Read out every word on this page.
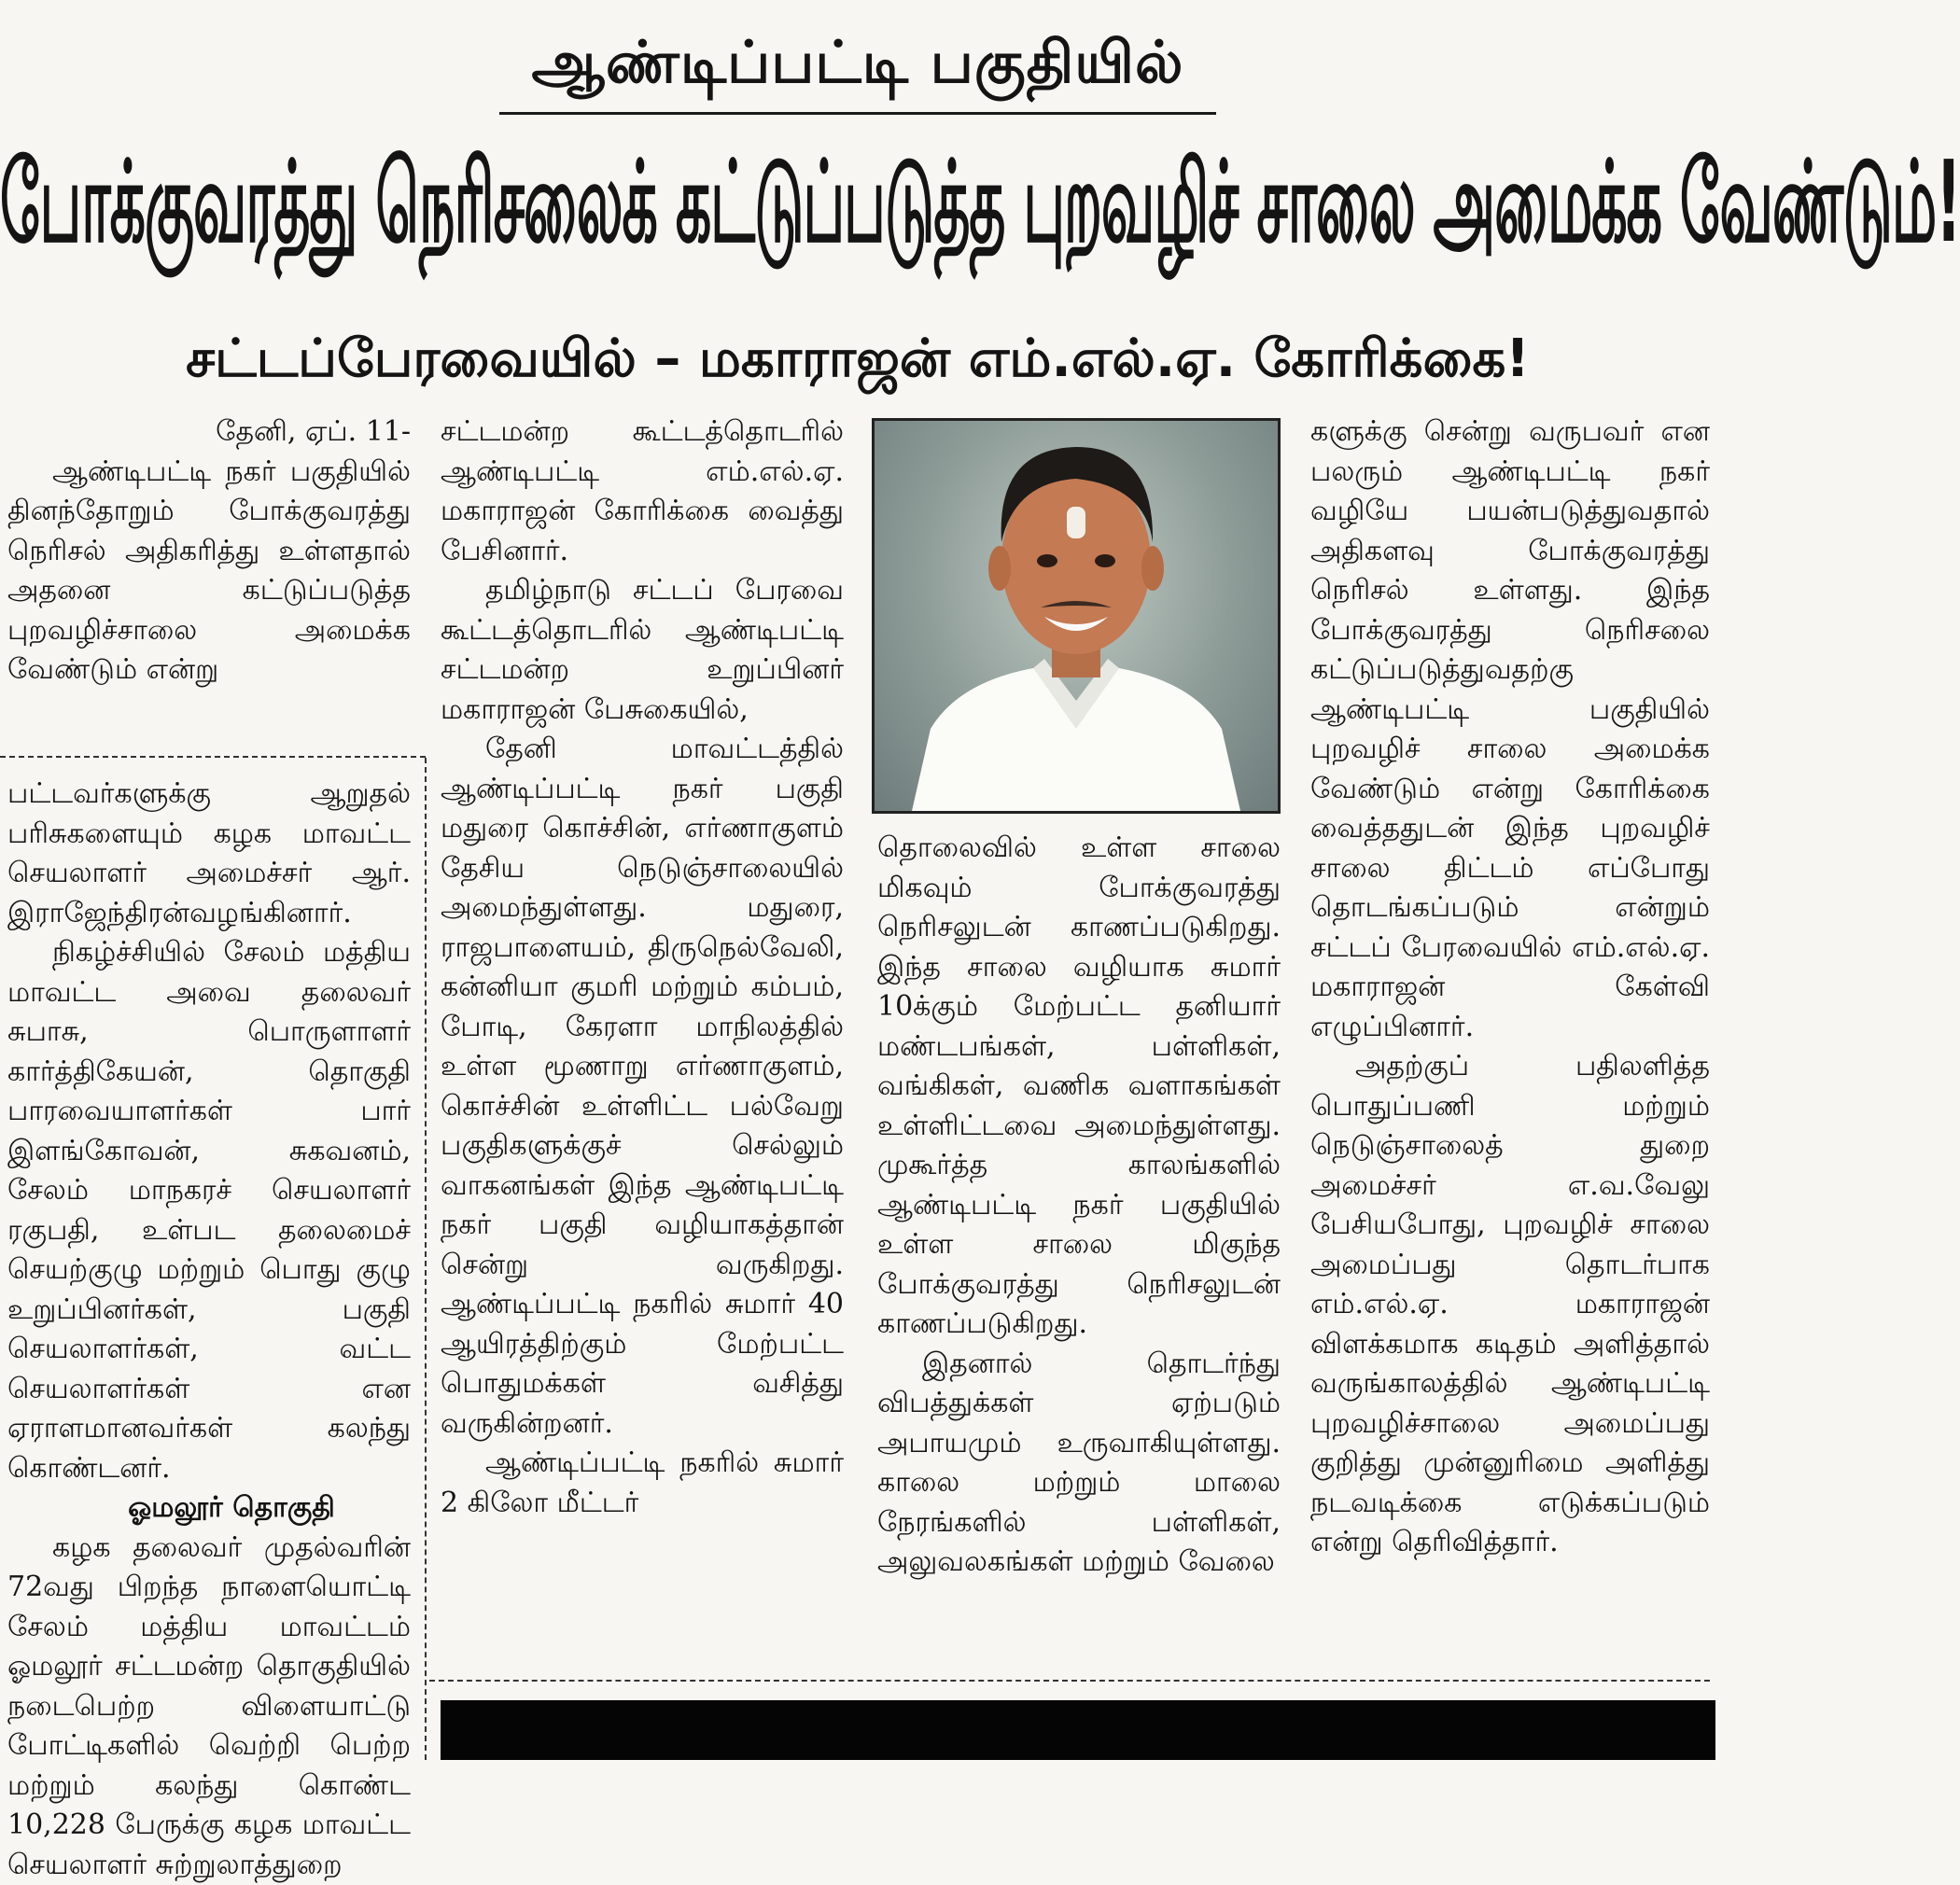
ஆண்டிப்பட்டி பகுதியில்
போக்குவரத்து நெரிசலைக் கட்டுப்படுத்த புறவழிச் சாலை அமைக்க வேண்டும்!
சட்டப்பேரவையில் – மகாராஜன் எம்.எல்.ஏ. கோரிக்கை!

தேனி, ஏப். 11-

ஆண்டிபட்டி நகர் பகுதியில் தினந்தோறும் போக்குவரத்து நெரிசல் அதிகரித்து உள்ளதால் அதனை கட்டுப்படுத்த புறவழிச்சாலை அமைக்க வேண்டும் என்று

பட்டவர்களுக்கு ஆறுதல் பரிசுகளையும் கழக மாவட்ட செயலாளர் அமைச்சர் ஆர். இராஜேந்திரன்வழங்கினார்.

நிகழ்ச்சியில் சேலம் மத்திய மாவட்ட அவை தலைவர் சுபாசு, பொருளாளர் கார்த்திகேயன், தொகுதி பாரவையாளர்கள் பார் இளங்கோவன், சுகவனம், சேலம் மாநகரச் செயலாளர் ரகுபதி, உள்பட தலைமைச் செயற்குழு மற்றும் பொது குழு உறுப்பினர்கள், பகுதி செயலாளர்கள், வட்ட செயலாளர்கள் என ஏராளமானவர்கள் கலந்து கொண்டனர்.

ஓமலூர் தொகுதி

கழக தலைவர் முதல்வரின் 72வது பிறந்த நாளையொட்டி சேலம் மத்திய மாவட்டம் ஓமலூர் சட்டமன்ற தொகுதியில் நடைபெற்ற விளையாட்டு போட்டிகளில் வெற்றி பெற்ற மற்றும் கலந்து கொண்ட 10,228 பேருக்கு கழக மாவட்ட செயலாளர் சுற்றுலாத்துறை

சட்டமன்ற கூட்டத்தொடரில் ஆண்டிபட்டி எம்.எல்.ஏ. மகாராஜன் கோரிக்கை வைத்து பேசினார்.

தமிழ்நாடு சட்டப் பேரவை கூட்டத்தொடரில் ஆண்டிபட்டி சட்டமன்ற உறுப்பினர் மகாராஜன் பேசுகையில்,

தேனி மாவட்டத்தில் ஆண்டிப்பட்டி நகர் பகுதி மதுரை கொச்சின், எர்ணாகுளம் தேசிய நெடுஞ்சாலையில் அமைந்துள்ளது. மதுரை, ராஜபாளையம், திருநெல்வேலி, கன்னியா குமரி மற்றும் கம்பம், போடி, கேரளா மாநிலத்தில் உள்ள மூணாறு எர்ணாகுளம், கொச்சின் உள்ளிட்ட பல்வேறு பகுதிகளுக்குச் செல்லும் வாகனங்கள் இந்த ஆண்டிபட்டி நகர் பகுதி வழியாகத்தான் சென்று வருகிறது. ஆண்டிப்பட்டி நகரில் சுமார் 40 ஆயிரத்திற்கும் மேற்பட்ட பொதுமக்கள் வசித்து வருகின்றனர்.

ஆண்டிப்பட்டி நகரில் சுமார் 2 கிலோ மீட்டர்

தொலைவில் உள்ள சாலை மிகவும் போக்குவரத்து நெரிசலுடன் காணப்படுகிறது. இந்த சாலை வழியாக சுமார் 10க்கும் மேற்பட்ட தனியார் மண்டபங்கள், பள்ளிகள், வங்கிகள், வணிக வளாகங்கள் உள்ளிட்டவை அமைந்துள்ளது. முகூர்த்த காலங்களில் ஆண்டிபட்டி நகர் பகுதியில் உள்ள சாலை மிகுந்த போக்குவரத்து நெரிசலுடன் காணப்படுகிறது.

இதனால் தொடர்ந்து விபத்துக்கள் ஏற்படும் அபாயமும் உருவாகியுள்ளது. காலை மற்றும் மாலை நேரங்களில் பள்ளிகள், அலுவலகங்கள் மற்றும் வேலை

களுக்கு சென்று வருபவர் என பலரும் ஆண்டிபட்டி நகர் வழியே பயன்படுத்துவதால் அதிகளவு போக்குவரத்து நெரிசல் உள்ளது. இந்த போக்குவரத்து நெரிசலை கட்டுப்படுத்துவதற்கு ஆண்டிபட்டி பகுதியில் புறவழிச் சாலை அமைக்க வேண்டும் என்று கோரிக்கை வைத்ததுடன் இந்த புறவழிச் சாலை திட்டம் எப்போது தொடங்கப்படும் என்றும் சட்டப் பேரவையில் எம்.எல்.ஏ. மகாராஜன் கேள்வி எழுப்பினார்.

அதற்குப் பதிலளித்த பொதுப்பணி மற்றும் நெடுஞ்சாலைத் துறை அமைச்சர் எ.வ.வேலு பேசியபோது, புறவழிச் சாலை அமைப்பது தொடர்பாக எம்.எல்.ஏ. மகாராஜன் விளக்கமாக கடிதம் அளித்தால் வருங்காலத்தில் ஆண்டிபட்டி புறவழிச்சாலை அமைப்பது குறித்து முன்னுரிமை அளித்து நடவடிக்கை எடுக்கப்படும் என்று தெரிவித்தார்.
